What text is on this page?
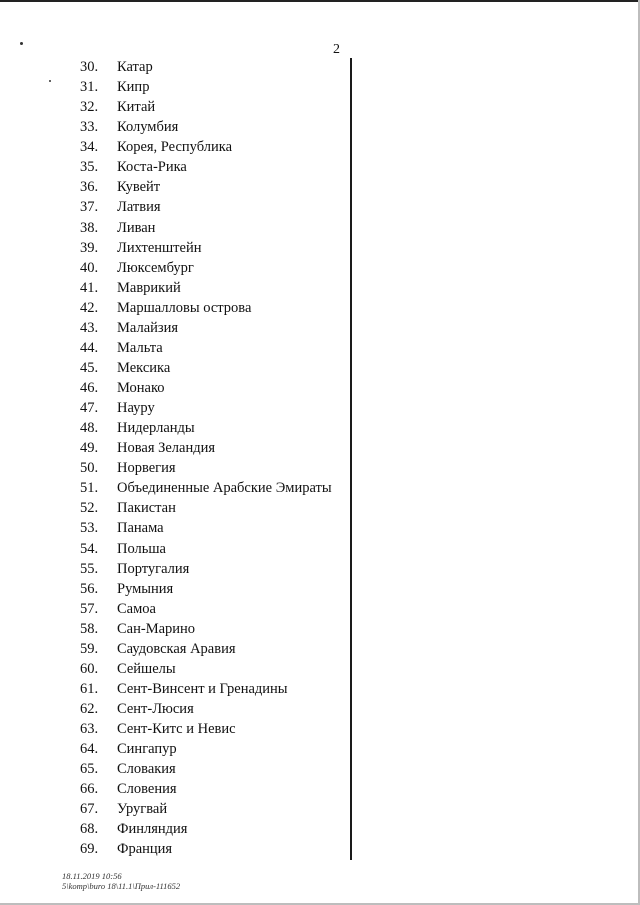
2
30.	Катар
31.	Кипр
32.	Китай
33.	Колумбия
34.	Корея, Республика
35.	Коста-Рика
36.	Кувейт
37.	Латвия
38.	Ливан
39.	Лихтенштейн
40.	Люксембург
41.	Маврикий
42.	Маршалловы острова
43.	Малайзия
44.	Мальта
45.	Мексика
46.	Монако
47.	Науру
48.	Нидерланды
49.	Новая Зеландия
50.	Норвегия
51.	Объединенные Арабские Эмираты
52.	Пакистан
53.	Панама
54.	Польша
55.	Португалия
56.	Румыния
57.	Самоа
58.	Сан-Марино
59.	Саудовская Аравия
60.	Сейшелы
61.	Сент-Винсент и Гренадины
62.	Сент-Люсия
63.	Сент-Китс и Невис
64.	Сингапур
65.	Словакия
66.	Словения
67.	Уругвай
68.	Финляндия
69.	Франция
18.11.2019 10:56
5\komp\buro 18\11.1\Прил-111652
